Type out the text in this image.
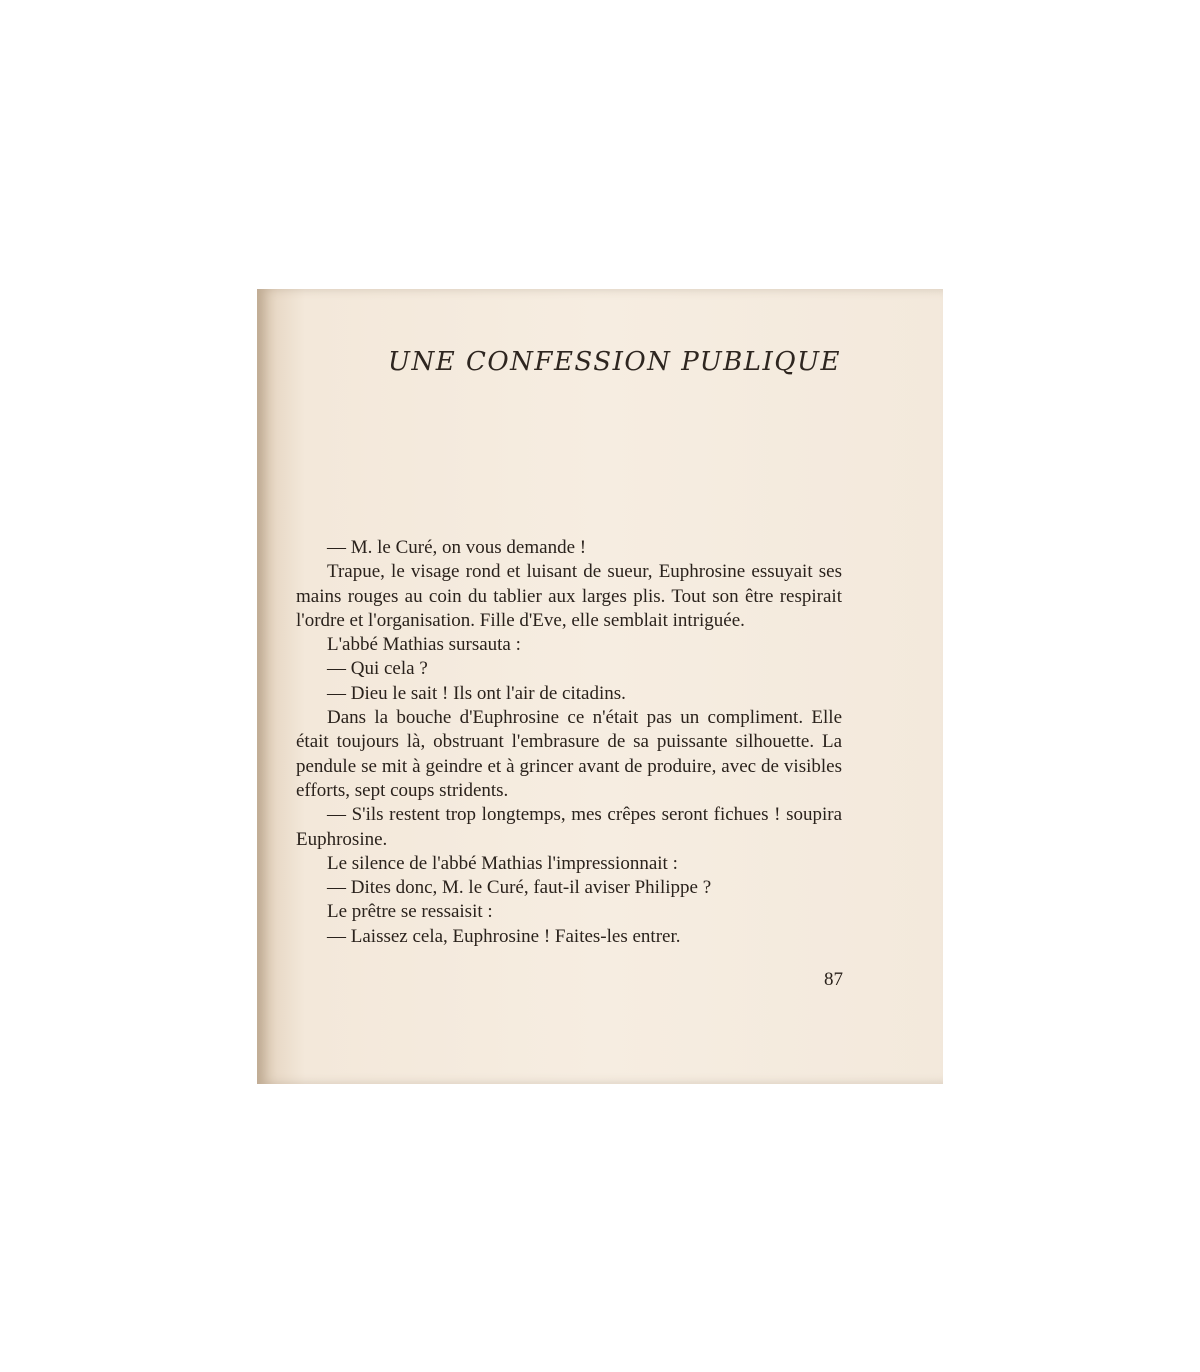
UNE CONFESSION PUBLIQUE

— M. le Curé, on vous demande !

Trapue, le visage rond et luisant de sueur, Euphrosine essuyait ses mains rouges au coin du tablier aux larges plis. Tout son être respirait l'ordre et l'organisation. Fille d'Eve, elle semblait intriguée.

L'abbé Mathias sursauta :

— Qui cela ?

— Dieu le sait ! Ils ont l'air de citadins.

Dans la bouche d'Euphrosine ce n'était pas un compliment. Elle était toujours là, obstruant l'embrasure de sa puissante silhouette. La pendule se mit à geindre et à grincer avant de produire, avec de visibles efforts, sept coups stridents.

— S'ils restent trop longtemps, mes crêpes seront fichues ! soupira Euphrosine.

Le silence de l'abbé Mathias l'impressionnait :

— Dites donc, M. le Curé, faut-il aviser Philippe ?

Le prêtre se ressaisit :

— Laissez cela, Euphrosine ! Faites-les entrer.

87
